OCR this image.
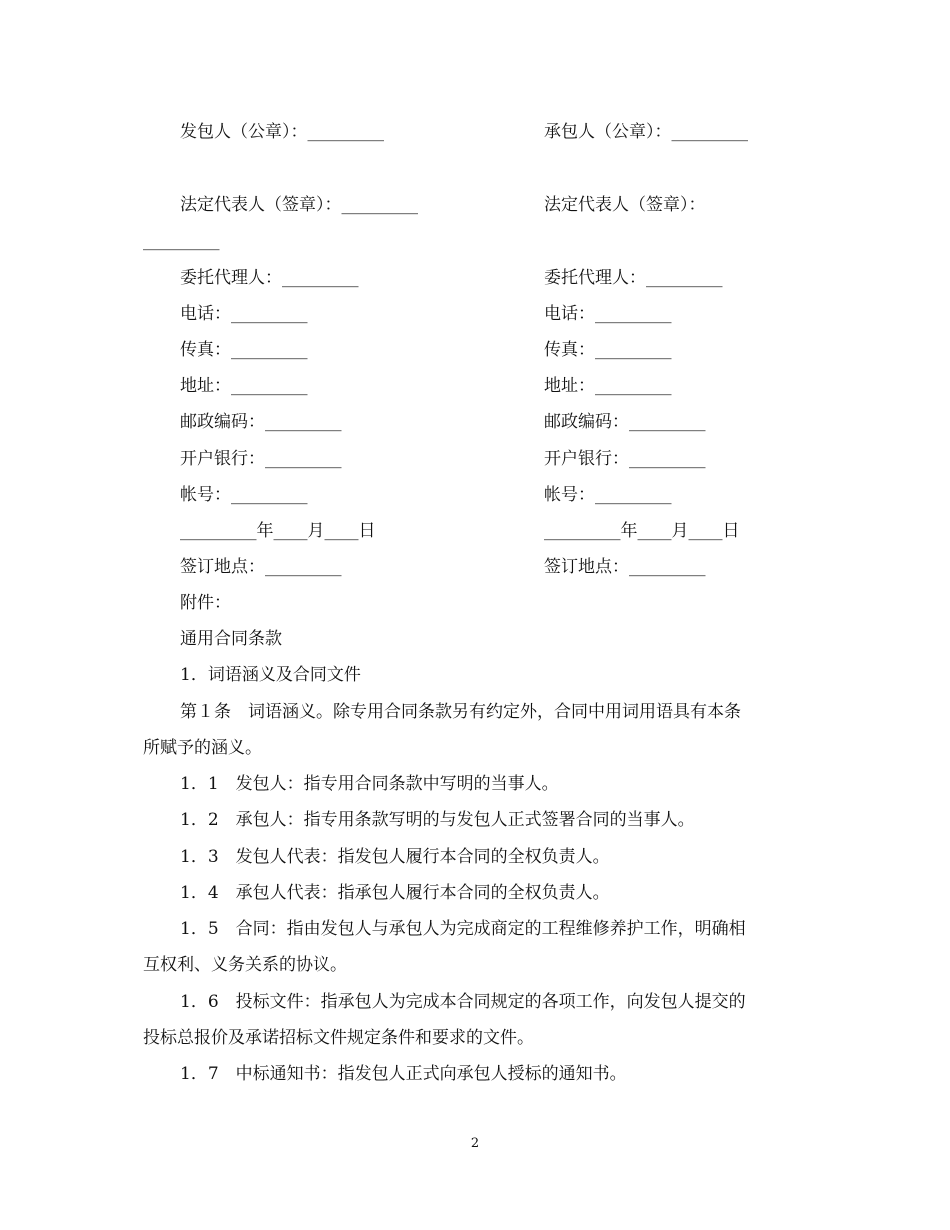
发包人（公章）：_________
法定代表人（签章）：_________
_________
委托代理人：_________
电话：_________
传真：_________
地址：_________
邮政编码：_________
开户银行：_________
帐号：_________
_________年____月____日
签订地点：_________
承包人（公章）：_________
法定代表人（签章）：
委托代理人：_________
电话：_________
传真：_________
地址：_________
邮政编码：_________
开户银行：_________
帐号：_________
_________年____月____日
签订地点：_________
附件：
通用合同条款
1．词语涵义及合同文件
第１条　词语涵义。除专用合同条款另有约定外，合同中用词用语具有本条
所赋予的涵义。
1．1　发包人：指专用合同条款中写明的当事人。
1．2　承包人：指专用条款写明的与发包人正式签署合同的当事人。
1．3　发包人代表：指发包人履行本合同的全权负责人。
1．4　承包人代表：指承包人履行本合同的全权负责人。
1．5　合同：指由发包人与承包人为完成商定的工程维修养护工作，明确相
互权利、义务关系的协议。
1．6　投标文件：指承包人为完成本合同规定的各项工作，向发包人提交的
投标总报价及承诺招标文件规定条件和要求的文件。
1．7　中标通知书：指发包人正式向承包人授标的通知书。
2
